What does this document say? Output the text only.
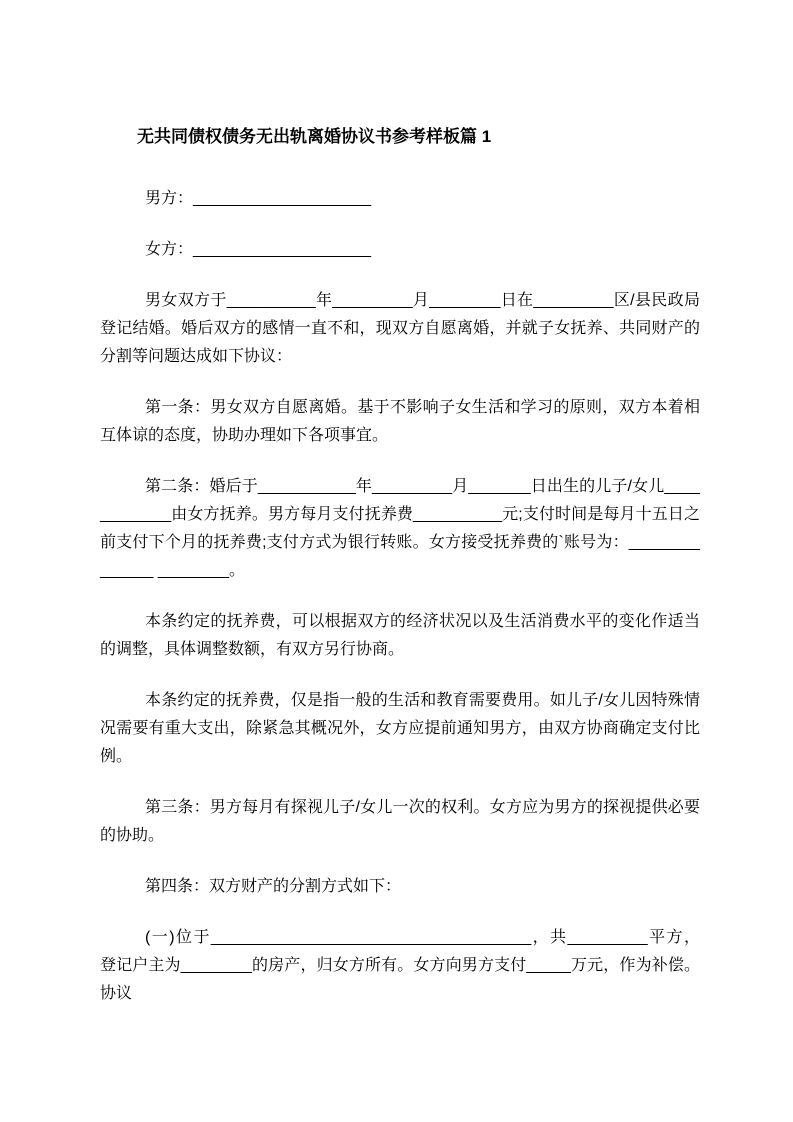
无共同债权债务无出轨离婚协议书参考样板篇 1

男方：____________________

女方：____________________

男女双方于__________年_________月________日在_________区/县民政局登记结婚。婚后双方的感情一直不和，现双方自愿离婚，并就子女抚养、共同财产的分割等问题达成如下协议：

第一条：男女双方自愿离婚。基于不影响子女生活和学习的原则，双方本着相互体谅的态度，协助办理如下各项事宜。

第二条：婚后于___________年_________月_______日出生的儿子/女儿____________由女方抚养。男方每月支付抚养费__________元;支付时间是每月十五日之前支付下个月的抚养费;支付方式为银行转账。女方接受抚养费的`账号为：______________ ________。

本条约定的抚养费，可以根据双方的经济状况以及生活消费水平的变化作适当的调整，具体调整数额，有双方另行协商。

本条约定的抚养费，仅是指一般的生活和教育需要费用。如儿子/女儿因特殊情况需要有重大支出，除紧急其概况外，女方应提前通知男方，由双方协商确定支付比例。

第三条：男方每月有探视儿子/女儿一次的权利。女方应为男方的探视提供必要的协助。

第四条：双方财产的分割方式如下：

(一)位于____________________________________，共_________平方，登记户主为________的房产，归女方所有。女方向男方支付_____万元，作为补偿。协议
